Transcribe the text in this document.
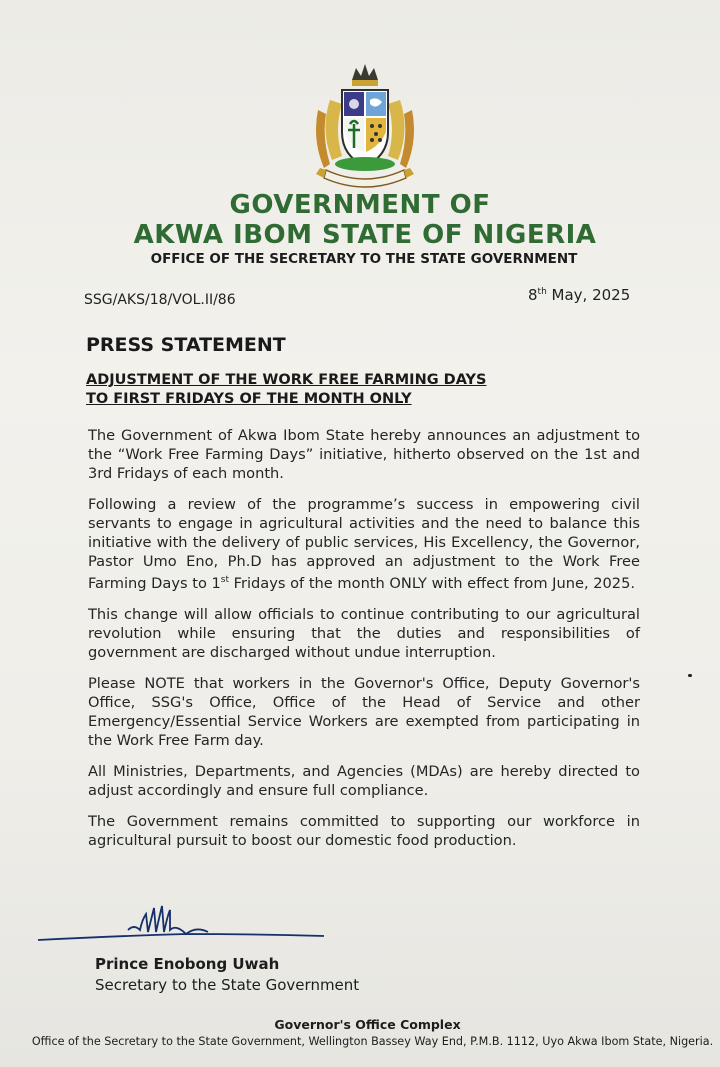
GOVERNMENT OF
AKWA IBOM STATE OF NIGERIA
OFFICE OF THE SECRETARY TO THE STATE GOVERNMENT
SSG/AKS/18/VOL.II/86	8th May, 2025
PRESS STATEMENT
ADJUSTMENT OF THE WORK FREE FARMING DAYS TO FIRST FRIDAYS OF THE MONTH ONLY

The Government of Akwa Ibom State hereby announces an adjustment to the “Work Free Farming Days” initiative, hitherto observed on the 1st and 3rd Fridays of each month.

Following a review of the programme’s success in empowering civil servants to engage in agricultural activities and the need to balance this initiative with the delivery of public services, His Excellency, the Governor, Pastor Umo Eno, Ph.D has approved an adjustment to the Work Free Farming Days to 1st Fridays of the month ONLY with effect from June, 2025.

This change will allow officials to continue contributing to our agricultural revolution while ensuring that the duties and responsibilities of government are discharged without undue interruption.

Please NOTE that workers in the Governor's Office, Deputy Governor's Office, SSG's Office, Office of the Head of Service and other Emergency/Essential Service Workers are exempted from participating in the Work Free Farm day.

All Ministries, Departments, and Agencies (MDAs) are hereby directed to adjust accordingly and ensure full compliance.

The Government remains committed to supporting our workforce in agricultural pursuit to boost our domestic food production.

Prince Enobong Uwah
Secretary to the State Government
Governor's Office Complex
Office of the Secretary to the State Government, Wellington Bassey Way End, P.M.B. 1112, Uyo Akwa Ibom State, Nigeria.
